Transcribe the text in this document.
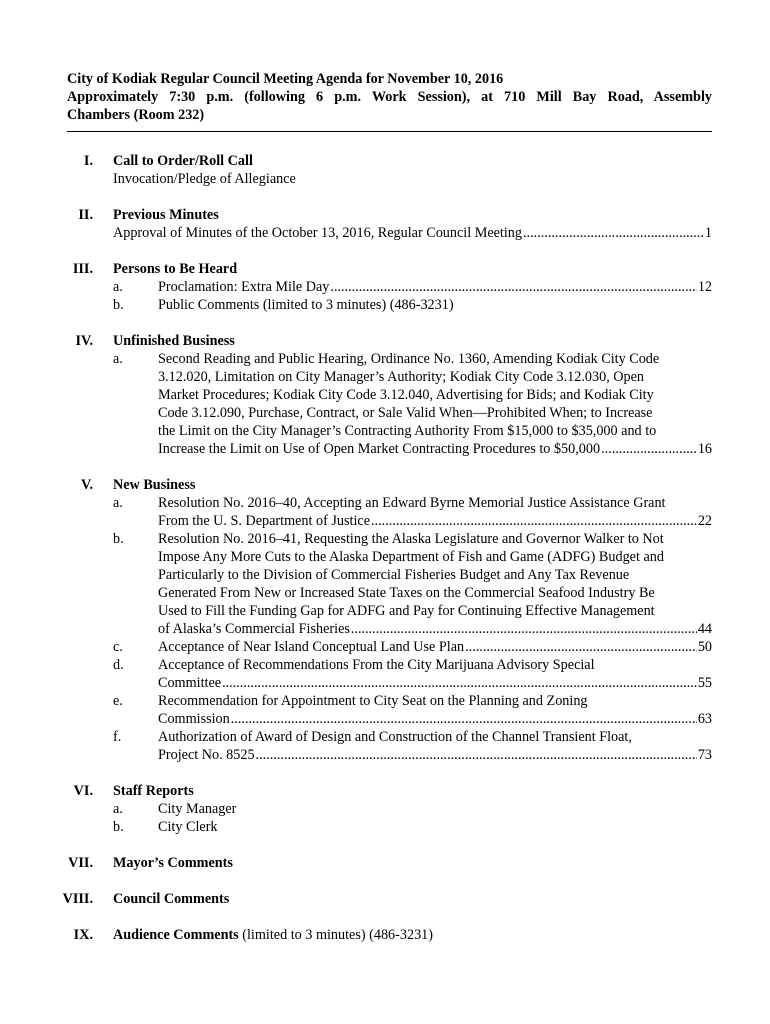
City of Kodiak Regular Council Meeting Agenda for November 10, 2016
Approximately 7:30 p.m. (following 6 p.m. Work Session), at 710 Mill Bay Road, Assembly
Chambers (Room 232)
I. Call to Order/Roll Call
Invocation/Pledge of Allegiance
II. Previous Minutes
Approval of Minutes of the October 13, 2016, Regular Council Meeting .....	1
III. Persons to Be Heard
a.	Proclamation: Extra Mile Day .....	12
b.	Public Comments (limited to 3 minutes) (486-3231)
IV. Unfinished Business
a.	Second Reading and Public Hearing, Ordinance No. 1360, Amending Kodiak City Code
3.12.020, Limitation on City Manager’s Authority; Kodiak City Code 3.12.030, Open
Market Procedures; Kodiak City Code 3.12.040, Advertising for Bids; and Kodiak City
Code 3.12.090, Purchase, Contract, or Sale Valid When—Prohibited When; to Increase
the Limit on the City Manager’s Contracting Authority From $15,000 to $35,000 and to
Increase the Limit on Use of Open Market Contracting Procedures to $50,000 .....	16
V. New Business
a.	Resolution No. 2016–40, Accepting an Edward Byrne Memorial Justice Assistance Grant
From the U. S. Department of Justice .....	22
b.	Resolution No. 2016–41, Requesting the Alaska Legislature and Governor Walker to Not
Impose Any More Cuts to the Alaska Department of Fish and Game (ADFG) Budget and
Particularly to the Division of Commercial Fisheries Budget and Any Tax Revenue
Generated From New or Increased State Taxes on the Commercial Seafood Industry Be
Used to Fill the Funding Gap for ADFG and Pay for Continuing Effective Management
of Alaska’s Commercial Fisheries .....	44
c.	Acceptance of Near Island Conceptual Land Use Plan .....	50
d.	Acceptance of Recommendations From the City Marijuana Advisory Special
Committee .....	55
e.	Recommendation for Appointment to City Seat on the Planning and Zoning
Commission .....	63
f.	Authorization of Award of Design and Construction of the Channel Transient Float,
Project No. 8525 .....	73
VI. Staff Reports
a.	City Manager
b.	City Clerk
VII. Mayor’s Comments
VIII. Council Comments
IX. Audience Comments (limited to 3 minutes) (486-3231)
